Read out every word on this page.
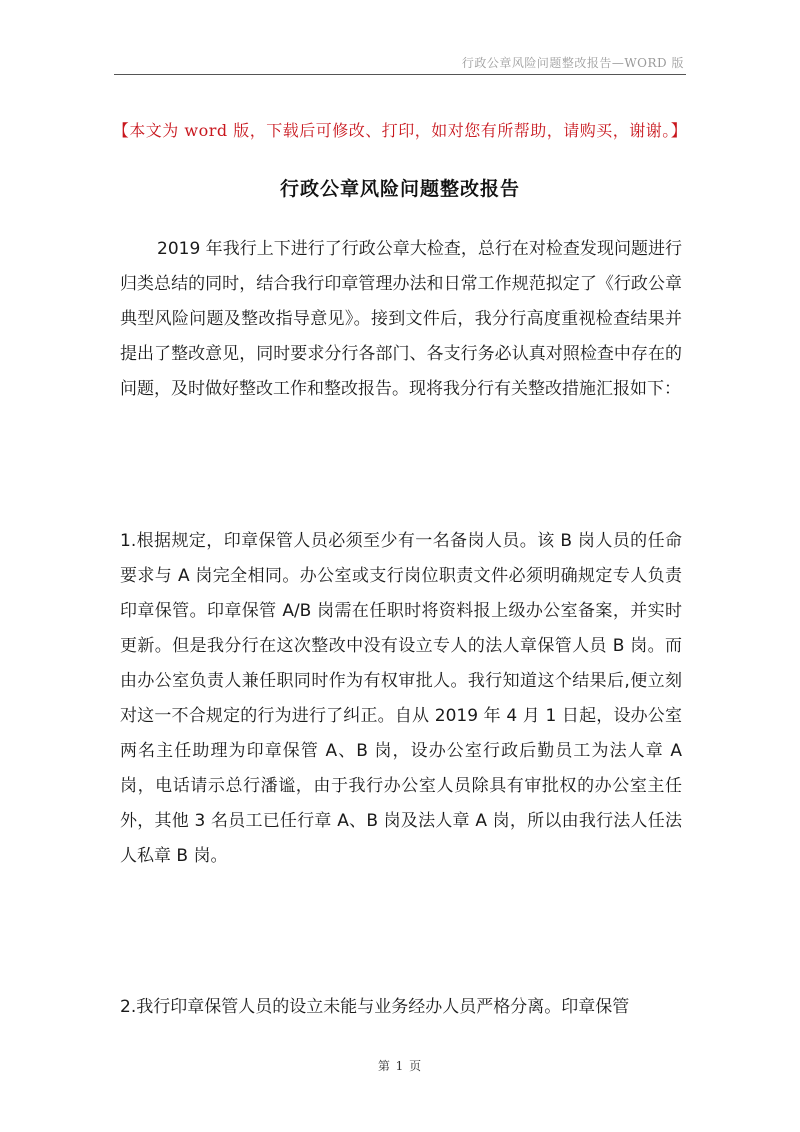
行政公章风险问题整改报告—WORD 版
【本文为 word 版，下载后可修改、打印，如对您有所帮助，请购买，谢谢。】
行政公章风险问题整改报告
2019 年我行上下进行了行政公章大检查，总行在对检查发现问题进行归类总结的同时，结合我行印章管理办法和日常工作规范拟定了《行政公章典型风险问题及整改指导意见》。接到文件后，我分行高度重视检查结果并提出了整改意见，同时要求分行各部门、各支行务必认真对照检查中存在的问题，及时做好整改工作和整改报告。现将我分行有关整改措施汇报如下：
1.根据规定，印章保管人员必须至少有一名备岗人员。该 B 岗人员的任命要求与 A 岗完全相同。办公室或支行岗位职责文件必须明确规定专人负责印章保管。印章保管 A/B 岗需在任职时将资料报上级办公室备案，并实时更新。但是我分行在这次整改中没有设立专人的法人章保管人员 B 岗。而由办公室负责人兼任职同时作为有权审批人。我行知道这个结果后,便立刻对这一不合规定的行为进行了纠正。自从 2019 年 4 月 1 日起，设办公室两名主任助理为印章保管 A、B 岗，设办公室行政后勤员工为法人章 A 岗，电话请示总行潘谧，由于我行办公室人员除具有审批权的办公室主任外，其他 3 名员工已任行章 A、B 岗及法人章 A 岗，所以由我行法人任法人私章 B 岗。
2.我行印章保管人员的设立未能与业务经办人员严格分离。印章保管
第 1 页
